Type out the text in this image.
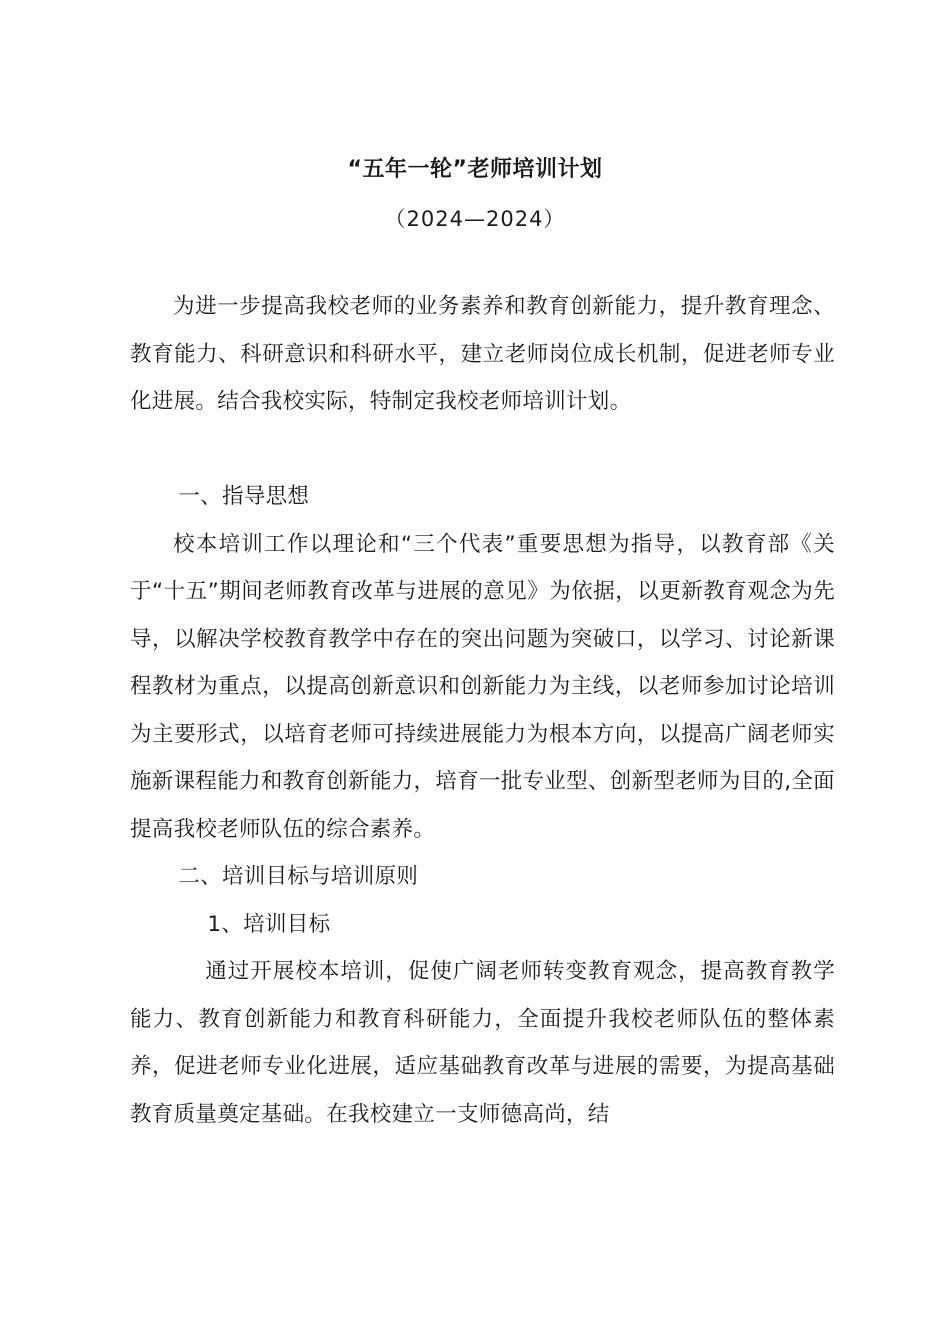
“五年一轮”老师培训计划
（2024—2024）

为进一步提高我校老师的业务素养和教育创新能力，提升教育理念、教育能力、科研意识和科研水平，建立老师岗位成长机制，促进老师专业化进展。结合我校实际，特制定我校老师培训计划。

一、指导思想

校本培训工作以理论和“三个代表”重要思想为指导，以教育部《关于“十五”期间老师教育改革与进展的意见》为依据，以更新教育观念为先导，以解决学校教育教学中存在的突出问题为突破口，以学习、讨论新课程教材为重点，以提高创新意识和创新能力为主线，以老师参加讨论培训为主要形式，以培育老师可持续进展能力为根本方向，以提高广阔老师实施新课程能力和教育创新能力，培育一批专业型、创新型老师为目的,全面提高我校老师队伍的综合素养。

二、培训目标与培训原则

1、培训目标

通过开展校本培训，促使广阔老师转变教育观念，提高教育教学能力、教育创新能力和教育科研能力，全面提升我校老师队伍的整体素养，促进老师专业化进展，适应基础教育改革与进展的需要，为提高基础教育质量奠定基础。在我校建立一支师德高尚，结
